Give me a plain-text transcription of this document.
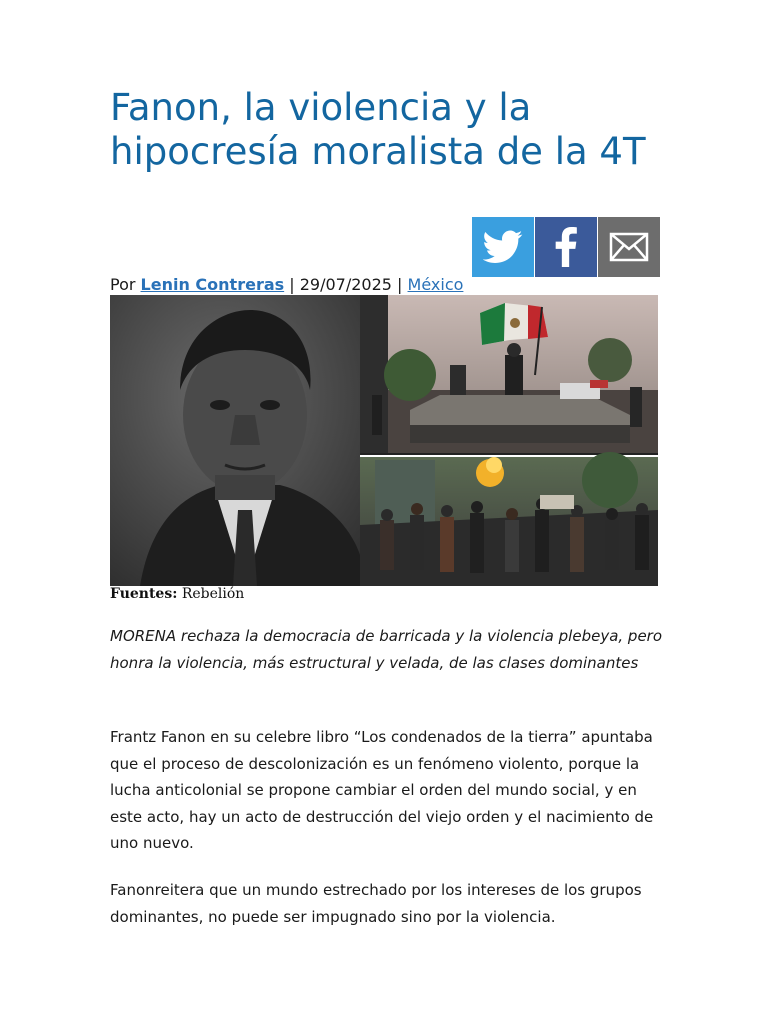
Fanon, la violencia y la hipocresía moralista de la 4T
Por Lenin Contreras | 29/07/2025 | México
Fuentes: Rebelión

MORENA rechaza la democracia de barricada y la violencia plebeya, pero honra la violencia, más estructural y velada, de las clases dominantes

Frantz Fanon en su celebre libro “Los condenados de la tierra” apuntaba que el proceso de descolonización es un fenómeno violento, porque la lucha anticolonial se propone cambiar el orden del mundo social, y en este acto, hay un acto de destrucción del viejo orden y el nacimiento de uno nuevo.

Fanonreitera que un mundo estrechado por los intereses de los grupos dominantes, no puede ser impugnado sino por la violencia.
